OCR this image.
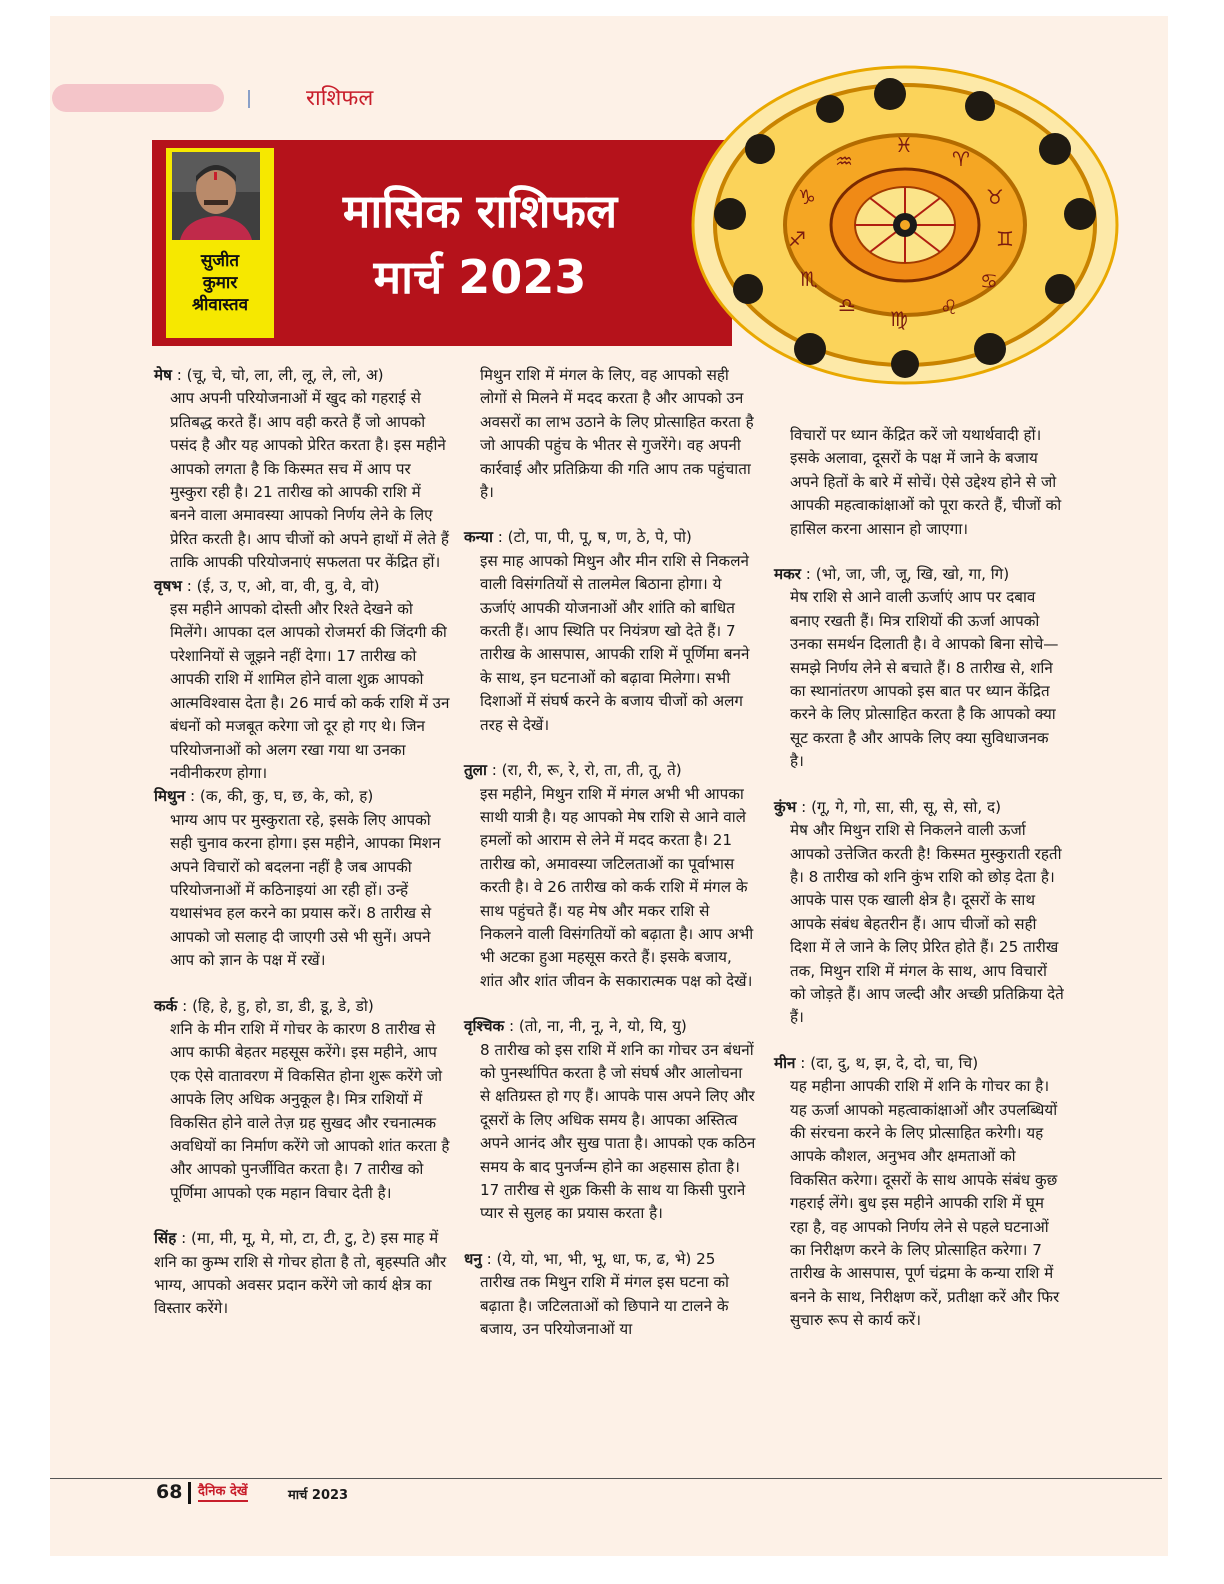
राशिफल
सुजीत
कुमार
श्रीवास्तव
मासिक राशिफल
मार्च 2023
♓
♈
♉
♊
♋
♌
♍
♎
♏
♐
♑
♒
मेष : (चू, चे, चो, ला, ली, लू, ले, लो, अ)
आप अपनी परियोजनाओं में खुद को गहराई से प्रतिबद्ध करते हैं। आप वही करते हैं जो आपको पसंद है और यह आपको प्रेरित करता है। इस महीने आपको लगता है कि किस्मत सच में आप पर मुस्कुरा रही है। 21 तारीख को आपकी राशि में बनने वाला अमावस्या आपको निर्णय लेने के लिए प्रेरित करती है। आप चीजों को अपने हाथों में लेते हैं ताकि आपकी परियोजनाएं सफलता पर केंद्रित हों।
वृषभ : (ई, उ, ए, ओ, वा, वी, वु, वे, वो)
इस महीने आपको दोस्ती और रिश्ते देखने को मिलेंगे। आपका दल आपको रोजमर्रा की जिंदगी की परेशानियों से जूझने नहीं देगा। 17 तारीख को आपकी राशि में शामिल होने वाला शुक्र आपको आत्मविश्वास देता है। 26 मार्च को कर्क राशि में उन बंधनों को मजबूत करेगा जो दूर हो गए थे। जिन परियोजनाओं को अलग रखा गया था उनका नवीनीकरण होगा।
मिथुन : (क, की, कु, घ, छ, के, को, ह)
भाग्य आप पर मुस्कुराता रहे, इसके लिए आपको सही चुनाव करना होगा। इस महीने, आपका मिशन अपने विचारों को बदलना नहीं है जब आपकी परियोजनाओं में कठिनाइयां आ रही हों। उन्हें यथासंभव हल करने का प्रयास करें। 8 तारीख से आपको जो सलाह दी जाएगी उसे भी सुनें। अपने आप को ज्ञान के पक्ष में रखें।
कर्क : (हि, हे, हु, हो, डा, डी, डू, डे, डो)
शनि के मीन राशि में गोचर के कारण 8 तारीख से आप काफी बेहतर महसूस करेंगे। इस महीने, आप एक ऐसे वातावरण में विकसित होना शुरू करेंगे जो आपके लिए अधिक अनुकूल है। मित्र राशियों में विकसित होने वाले तेज़ ग्रह सुखद और रचनात्मक अवधियों का निर्माण करेंगे जो आपको शांत करता है और आपको पुनर्जीवित करता है। 7 तारीख को पूर्णिमा आपको एक महान विचार देती है।
सिंह : (मा, मी, मू, मे, मो, टा, टी, टु, टे) इस माह में शनि का कुम्भ राशि से गोचर होता है तो, बृहस्पति और भाग्य, आपको अवसर प्रदान करेंगे जो कार्य क्षेत्र का विस्तार करेंगे।
मिथुन राशि में मंगल के लिए, वह आपको सही लोगों से मिलने में मदद करता है और आपको उन अवसरों का लाभ उठाने के लिए प्रोत्साहित करता है जो आपकी पहुंच के भीतर से गुजरेंगे। वह अपनी कार्रवाई और प्रतिक्रिया की गति आप तक पहुंचाता है।
कन्या : (टो, पा, पी, पू, ष, ण, ठे, पे, पो)
इस माह आपको मिथुन और मीन राशि से निकलने वाली विसंगतियों से तालमेल बिठाना होगा। ये ऊर्जाएं आपकी योजनाओं और शांति को बाधित करती हैं। आप स्थिति पर नियंत्रण खो देते हैं। 7 तारीख के आसपास, आपकी राशि में पूर्णिमा बनने के साथ, इन घटनाओं को बढ़ावा मिलेगा। सभी दिशाओं में संघर्ष करने के बजाय चीजों को अलग तरह से देखें।
तुला : (रा, री, रू, रे, रो, ता, ती, तू, ते)
इस महीने, मिथुन राशि में मंगल अभी भी आपका साथी यात्री है। यह आपको मेष राशि से आने वाले हमलों को आराम से लेने में मदद करता है। 21 तारीख को, अमावस्या जटिलताओं का पूर्वाभास करती है। वे 26 तारीख को कर्क राशि में मंगल के साथ पहुंचते हैं। यह मेष और मकर राशि से निकलने वाली विसंगतियों को बढ़ाता है। आप अभी भी अटका हुआ महसूस करते हैं। इसके बजाय, शांत और शांत जीवन के सकारात्मक पक्ष को देखें।
वृश्चिक : (तो, ना, नी, नू, ने, यो, यि, यु)
8 तारीख को इस राशि में शनि का गोचर उन बंधनों को पुनर्स्थापित करता है जो संघर्ष और आलोचना से क्षतिग्रस्त हो गए हैं। आपके पास अपने लिए और दूसरों के लिए अधिक समय है। आपका अस्तित्व अपने आनंद और सुख पाता है। आपको एक कठिन समय के बाद पुनर्जन्म होने का अहसास होता है। 17 तारीख से शुक्र किसी के साथ या किसी पुराने प्यार से सुलह का प्रयास करता है।
धनु : (ये, यो, भा, भी, भू, धा, फ, ढ, भे) 25
तारीख तक मिथुन राशि में मंगल इस घटना को बढ़ाता है। जटिलताओं को छिपाने या टालने के बजाय, उन परियोजनाओं या
विचारों पर ध्यान केंद्रित करें जो यथार्थवादी हों। इसके अलावा, दूसरों के पक्ष में जाने के बजाय अपने हितों के बारे में सोचें। ऐसे उद्देश्य होने से जो आपकी महत्वाकांक्षाओं को पूरा करते हैं, चीजों को हासिल करना आसान हो जाएगा।
मकर : (भो, जा, जी, जू, खि, खो, गा, गि)
मेष राशि से आने वाली ऊर्जाएं आप पर दबाव बनाए रखती हैं। मित्र राशियों की ऊर्जा आपको उनका समर्थन दिलाती है। वे आपको बिना सोचे—समझे निर्णय लेने से बचाते हैं। 8 तारीख से, शनि का स्थानांतरण आपको इस बात पर ध्यान केंद्रित करने के लिए प्रोत्साहित करता है कि आपको क्या सूट करता है और आपके लिए क्या सुविधाजनक है।
कुंभ : (गू, गे, गो, सा, सी, सू, से, सो, द)
मेष और मिथुन राशि से निकलने वाली ऊर्जा आपको उत्तेजित करती है! किस्मत मुस्कुराती रहती है। 8 तारीख को शनि कुंभ राशि को छोड़ देता है। आपके पास एक खाली क्षेत्र है। दूसरों के साथ आपके संबंध बेहतरीन हैं। आप चीजों को सही दिशा में ले जाने के लिए प्रेरित होते हैं। 25 तारीख तक, मिथुन राशि में मंगल के साथ, आप विचारों को जोड़ते हैं। आप जल्दी और अच्छी प्रतिक्रिया देते हैं।
मीन : (दा, दु, थ, झ, दे, दो, चा, चि)
यह महीना आपकी राशि में शनि के गोचर का है। यह ऊर्जा आपको महत्वाकांक्षाओं और उपलब्धियों की संरचना करने के लिए प्रोत्साहित करेगी। यह आपके कौशल, अनुभव और क्षमताओं को विकसित करेगा। दूसरों के साथ आपके संबंध कुछ गहराई लेंगे। बुध इस महीने आपकी राशि में घूम रहा है, वह आपको निर्णय लेने से पहले घटनाओं का निरीक्षण करने के लिए प्रोत्साहित करेगा। 7 तारीख के आसपास, पूर्ण चंद्रमा के कन्या राशि में बनने के साथ, निरीक्षण करें, प्रतीक्षा करें और फिर सुचारु रूप से कार्य करें।
68 दैनिक देखें	मार्च 2023
